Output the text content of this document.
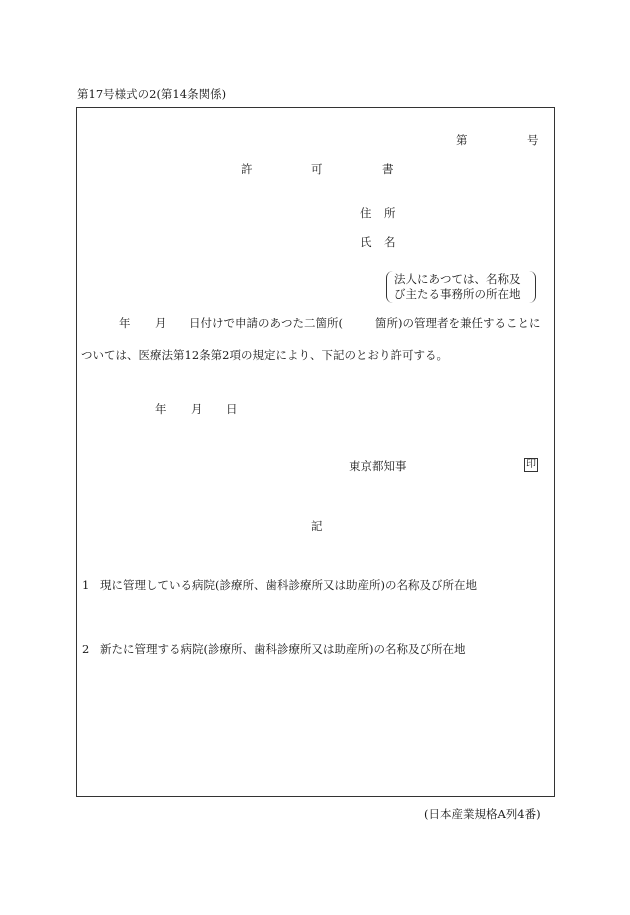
第17号様式の2(第14条関係)
第	号
許	可	書
住 所
氏 名
法人にあつては、名称及
び主たる事務所の所在地
年 月 日付けで申請のあつた二箇所(	箇所)の管理者を兼任することに
ついては、医療法第12条第2項の規定により、下記のとおり許可する。
年 月 日
東京都知事	印
記
1 現に管理している病院(診療所、歯科診療所又は助産所)の名称及び所在地
2 新たに管理する病院(診療所、歯科診療所又は助産所)の名称及び所在地
(日本産業規格A列4番)
